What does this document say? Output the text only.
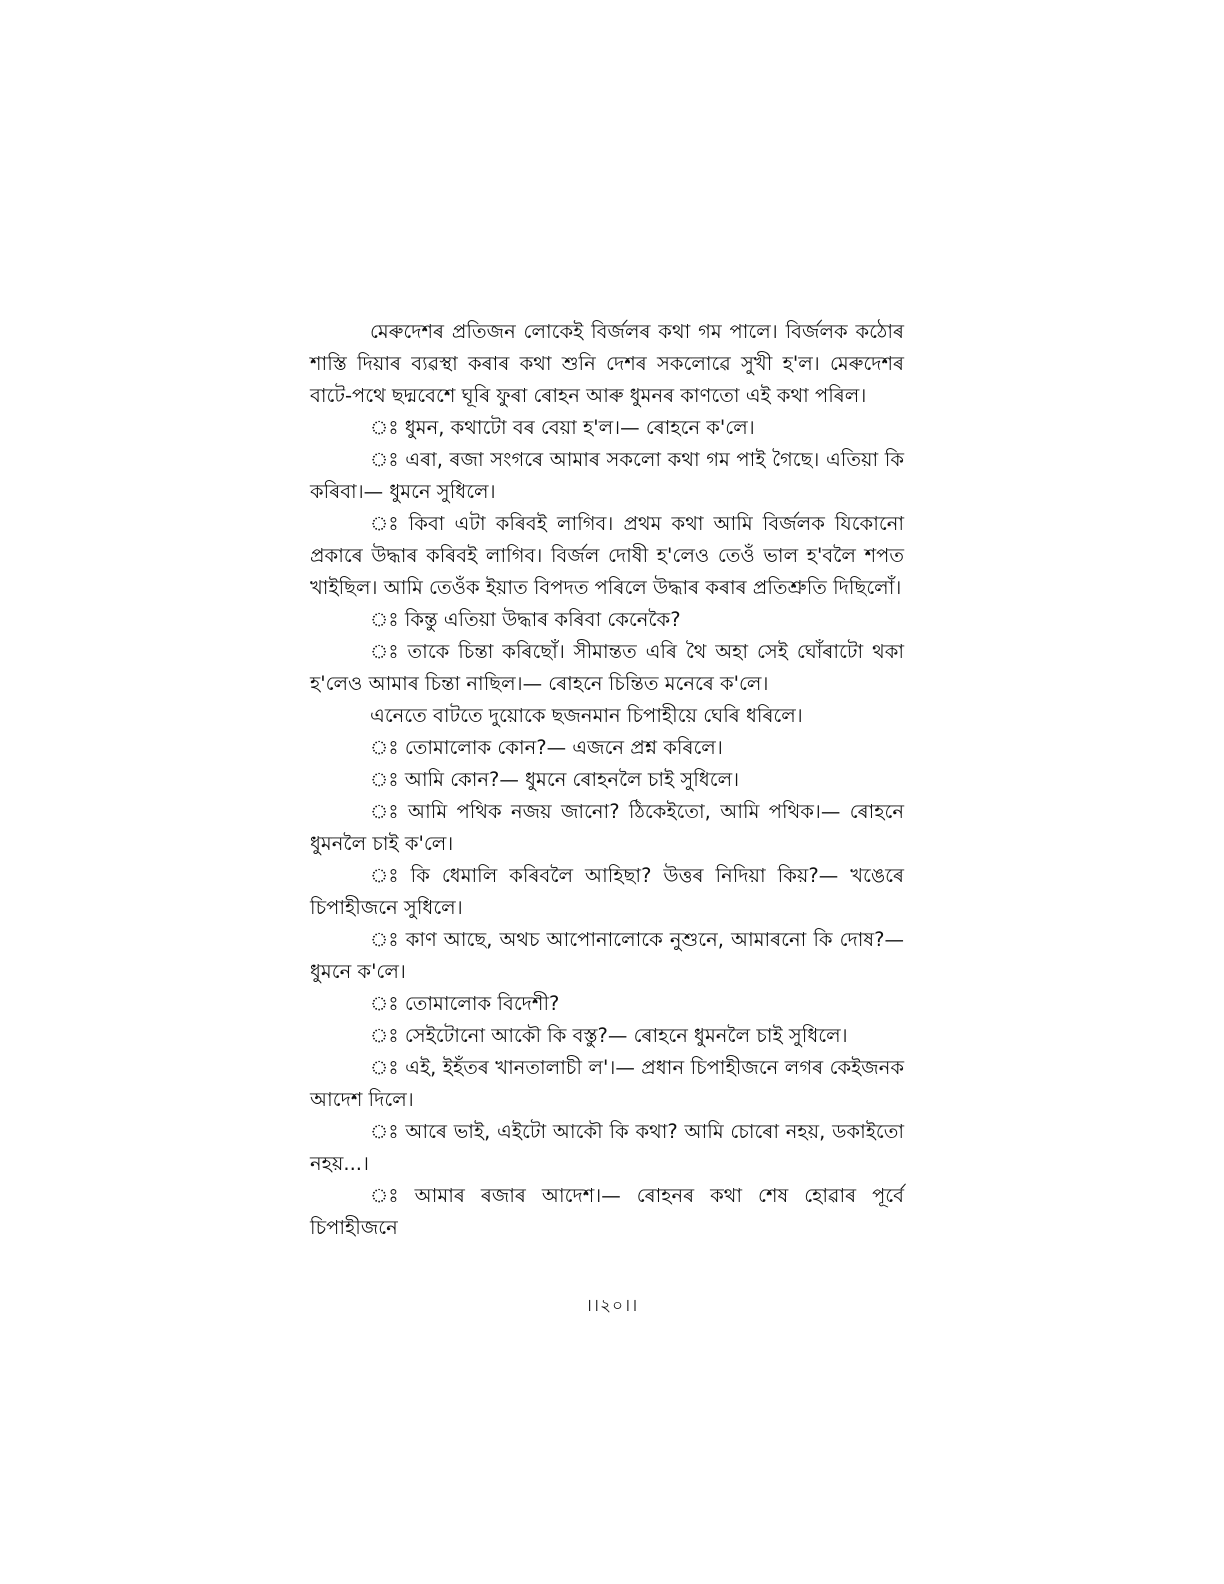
মেৰুদেশৰ প্ৰতিজন লোকেই বিৰ্জলৰ কথা গম পালে। বিৰ্জলক কঠোৰ শাস্তি দিয়াৰ ব্যৱস্থা কৰাৰ কথা শুনি দেশৰ সকলোৱে সুখী হ'ল। মেৰুদেশৰ বাটে-পথে ছদ্মবেশে ঘূৰি ফুৰা ৰোহন আৰু ধুমনৰ কাণতো এই কথা পৰিল।

ঃ ধুমন, কথাটো বৰ বেয়া হ'ল।— ৰোহনে ক'লে।

ঃ এৰা, ৰজা সংগৰে আমাৰ সকলো কথা গম পাই গৈছে। এতিয়া কি কৰিবা।— ধুমনে সুধিলে।

ঃ কিবা এটা কৰিবই লাগিব। প্ৰথম কথা আমি বিৰ্জলক যিকোনো প্ৰকাৰে উদ্ধাৰ কৰিবই লাগিব। বিৰ্জল দোষী হ'লেও তেওঁ ভাল হ'বলৈ শপত খাইছিল। আমি তেওঁক ইয়াত বিপদত পৰিলে উদ্ধাৰ কৰাৰ প্ৰতিশ্ৰুতি দিছিলোঁ।

ঃ কিন্তু এতিয়া উদ্ধাৰ কৰিবা কেনেকৈ?

ঃ তাকে চিন্তা কৰিছোঁ। সীমান্তত এৰি থৈ অহা সেই ঘোঁৰাটো থকা হ'লেও আমাৰ চিন্তা নাছিল।— ৰোহনে চিন্তিত মনেৰে ক'লে।

এনেতে বাটতে দুয়োকে ছজনমান চিপাহীয়ে ঘেৰি ধৰিলে।

ঃ তোমালোক কোন?— এজনে প্ৰশ্ন কৰিলে।

ঃ আমি কোন?— ধুমনে ৰোহনলৈ চাই সুধিলে।

ঃ আমি পথিক নজয় জানো? ঠিকেইতো, আমি পথিক।— ৰোহনে ধুমনলৈ চাই ক'লে।

ঃ কি ধেমালি কৰিবলৈ আহিছা? উত্তৰ নিদিয়া কিয়?— খঙেৰে চিপাহীজনে সুধিলে।

ঃ কাণ আছে, অথচ আপোনালোকে নুশুনে, আমাৰনো কি দোষ?— ধুমনে ক'লে।

ঃ তোমালোক বিদেশী?

ঃ সেইটোনো আকৌ কি বস্তু?— ৰোহনে ধুমনলৈ চাই সুধিলে।

ঃ এই, ইহঁতৰ খানতালাচী ল'।— প্ৰধান চিপাহীজনে লগৰ কেইজনক আদেশ দিলে।

ঃ আৰে ভাই, এইটো আকৌ কি কথা? আমি চোৰো নহয়, ডকাইতো নহয়...।

ঃ আমাৰ ৰজাৰ আদেশ।— ৰোহনৰ কথা শেষ হোৱাৰ পূৰ্বে চিপাহীজনে

।।২০।।
